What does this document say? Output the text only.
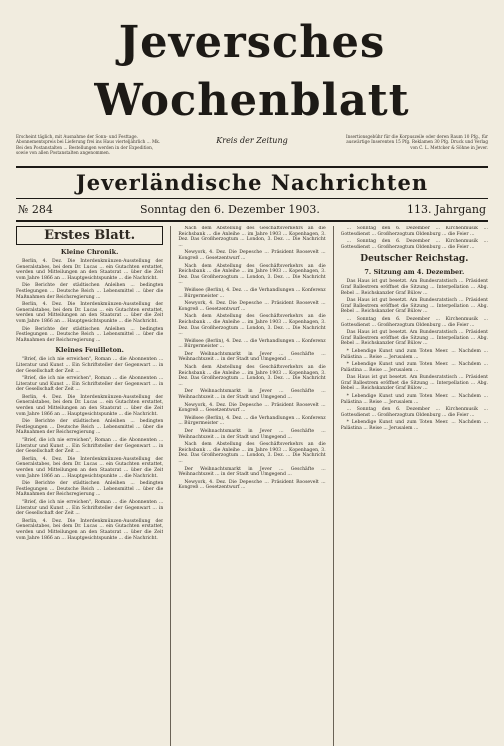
Jeversches Wochenblatt
Erscheint täglich, mit Ausnahme der Sonn- und Festtage. Abonnementspreis bei Lieferung frei ins Haus vierteljährlich ... Mk. Bei den Postanstalten ... Bestellungen werden in der Expedition, sowie von allen Postanstalten angenommen.
Kreis der Zeitung	Insertionsgebühr für die Korpuszeile oder deren Raum 10 Pfg., für auswärtige Inserenten 15 Pfg. Reklamen 30 Pfg. Druck und Verlag von C. L. Mettcker & Söhne in Jever.
Jeverländische Nachrichten
№ 284	Sonntag den 6. Dezember 1903.	113. Jahrgang
Erstes Blatt.
Kleine Chronik.

Berlin, 4. Dez. Die Interdenkmünzen-Ausstellung der Generalstabes, bei dem Dr. Lucas ... ein Gutachten erstattet, werden und Mitteilungen an den Staatsrat ... über die Zeit vom Jahre 1866 an ... Hauptgesichtspunkte ... die Nachricht.

Die Berichte der städtischen Anleihen ... bedingten Festlegungen ... Deutsche Reich ... Lebensmittel ... über die Maßnahmen der Reichsregierung ...

Berlin, 4. Dez. Die Interdenkmünzen-Ausstellung der Generalstabes, bei dem Dr. Lucas ... ein Gutachten erstattet, werden und Mitteilungen an den Staatsrat ... über die Zeit vom Jahre 1866 an ... Hauptgesichtspunkte ... die Nachricht.

Die Berichte der städtischen Anleihen ... bedingten Festlegungen ... Deutsche Reich ... Lebensmittel ... über die Maßnahmen der Reichsregierung ...

Kleines Feuilleton.

"Brief, die ich nie erreichen", Roman ... die Abonnenten ... Literatur und Kunst ... Ein Schriftsteller der Gegenwart ... in der Gesellschaft der Zeit ...

"Brief, die ich nie erreichen", Roman ... die Abonnenten ... Literatur und Kunst ... Ein Schriftsteller der Gegenwart ... in der Gesellschaft der Zeit ...

Berlin, 4. Dez. Die Interdenkmünzen-Ausstellung der Generalstabes, bei dem Dr. Lucas ... ein Gutachten erstattet, werden und Mitteilungen an den Staatsrat ... über die Zeit vom Jahre 1866 an ... Hauptgesichtspunkte ... die Nachricht.

Die Berichte der städtischen Anleihen ... bedingten Festlegungen ... Deutsche Reich ... Lebensmittel ... über die Maßnahmen der Reichsregierung ...

"Brief, die ich nie erreichen", Roman ... die Abonnenten ... Literatur und Kunst ... Ein Schriftsteller der Gegenwart ... in der Gesellschaft der Zeit ...

Berlin, 4. Dez. Die Interdenkmünzen-Ausstellung der Generalstabes, bei dem Dr. Lucas ... ein Gutachten erstattet, werden und Mitteilungen an den Staatsrat ... über die Zeit vom Jahre 1866 an ... Hauptgesichtspunkte ... die Nachricht.

Die Berichte der städtischen Anleihen ... bedingten Festlegungen ... Deutsche Reich ... Lebensmittel ... über die Maßnahmen der Reichsregierung ...

"Brief, die ich nie erreichen", Roman ... die Abonnenten ... Literatur und Kunst ... Ein Schriftsteller der Gegenwart ... in der Gesellschaft der Zeit ...

Berlin, 4. Dez. Die Interdenkmünzen-Ausstellung der Generalstabes, bei dem Dr. Lucas ... ein Gutachten erstattet, werden und Mitteilungen an den Staatsrat ... über die Zeit vom Jahre 1866 an ... Hauptgesichtspunkte ... die Nachricht.

Nach dem Abstellung des Geschäftsverkehrs an die Reichsbank ... die Anleihe ... im Jahre 1903 ... Kopenhagen, 3. Dez. Das Großherzogtum ... London, 3. Dez. ... Die Nachricht ...

Newyork, 4. Dez. Die Depesche ... Präsident Roosevelt ... Kongreß ... Gesetzentwurf ...

Nach dem Abstellung des Geschäftsverkehrs an die Reichsbank ... die Anleihe ... im Jahre 1903 ... Kopenhagen, 3. Dez. Das Großherzogtum ... London, 3. Dez. ... Die Nachricht ...

Weißsee (Berlin), 4. Dez. ... die Verhandlungen ... Konferenz ... Bürgermeister ...

Newyork, 4. Dez. Die Depesche ... Präsident Roosevelt ... Kongreß ... Gesetzentwurf ...

Nach dem Abstellung des Geschäftsverkehrs an die Reichsbank ... die Anleihe ... im Jahre 1903 ... Kopenhagen, 3. Dez. Das Großherzogtum ... London, 3. Dez. ... Die Nachricht ...

Weißsee (Berlin), 4. Dez. ... die Verhandlungen ... Konferenz ... Bürgermeister ...

Der Weihnachtsmarkt in Jever ... Geschäfte ... Weihnachtszeit ... in der Stadt und Umgegend ...

Nach dem Abstellung des Geschäftsverkehrs an die Reichsbank ... die Anleihe ... im Jahre 1903 ... Kopenhagen, 3. Dez. Das Großherzogtum ... London, 3. Dez. ... Die Nachricht ...

Der Weihnachtsmarkt in Jever ... Geschäfte ... Weihnachtszeit ... in der Stadt und Umgegend ...

Newyork, 4. Dez. Die Depesche ... Präsident Roosevelt ... Kongreß ... Gesetzentwurf ...

Weißsee (Berlin), 4. Dez. ... die Verhandlungen ... Konferenz ... Bürgermeister ...

Der Weihnachtsmarkt in Jever ... Geschäfte ... Weihnachtszeit ... in der Stadt und Umgegend ...

Nach dem Abstellung des Geschäftsverkehrs an die Reichsbank ... die Anleihe ... im Jahre 1903 ... Kopenhagen, 3. Dez. Das Großherzogtum ... London, 3. Dez. ... Die Nachricht ...

Der Weihnachtsmarkt in Jever ... Geschäfte ... Weihnachtszeit ... in der Stadt und Umgegend ...

Newyork, 4. Dez. Die Depesche ... Präsident Roosevelt ... Kongreß ... Gesetzentwurf ...

... Sonntag den 6. Dezember ... Kirchenmusik ... Gottesdienst ... Großherzogtum Oldenburg ... die Feier ...

... Sonntag den 6. Dezember ... Kirchenmusik ... Gottesdienst ... Großherzogtum Oldenburg ... die Feier ...

Deutscher Reichstag.
7. Sitzung am 4. Dezember.

Das Haus ist gut besetzt. Am Bundesratstisch ... Präsident Graf Ballestrem eröffnet die Sitzung ... Interpellation ... Abg. Bebel ... Reichskanzler Graf Bülow ...

Das Haus ist gut besetzt. Am Bundesratstisch ... Präsident Graf Ballestrem eröffnet die Sitzung ... Interpellation ... Abg. Bebel ... Reichskanzler Graf Bülow ...

... Sonntag den 6. Dezember ... Kirchenmusik ... Gottesdienst ... Großherzogtum Oldenburg ... die Feier ...

Das Haus ist gut besetzt. Am Bundesratstisch ... Präsident Graf Ballestrem eröffnet die Sitzung ... Interpellation ... Abg. Bebel ... Reichskanzler Graf Bülow ...

* Lebendige Kunst und zum Toten Meer. ... Nachdem ... Palästina ... Reise ... Jerusalem ...

* Lebendige Kunst und zum Toten Meer. ... Nachdem ... Palästina ... Reise ... Jerusalem ...

Das Haus ist gut besetzt. Am Bundesratstisch ... Präsident Graf Ballestrem eröffnet die Sitzung ... Interpellation ... Abg. Bebel ... Reichskanzler Graf Bülow ...

* Lebendige Kunst und zum Toten Meer. ... Nachdem ... Palästina ... Reise ... Jerusalem ...

... Sonntag den 6. Dezember ... Kirchenmusik ... Gottesdienst ... Großherzogtum Oldenburg ... die Feier ...

* Lebendige Kunst und zum Toten Meer. ... Nachdem ... Palästina ... Reise ... Jerusalem ...
